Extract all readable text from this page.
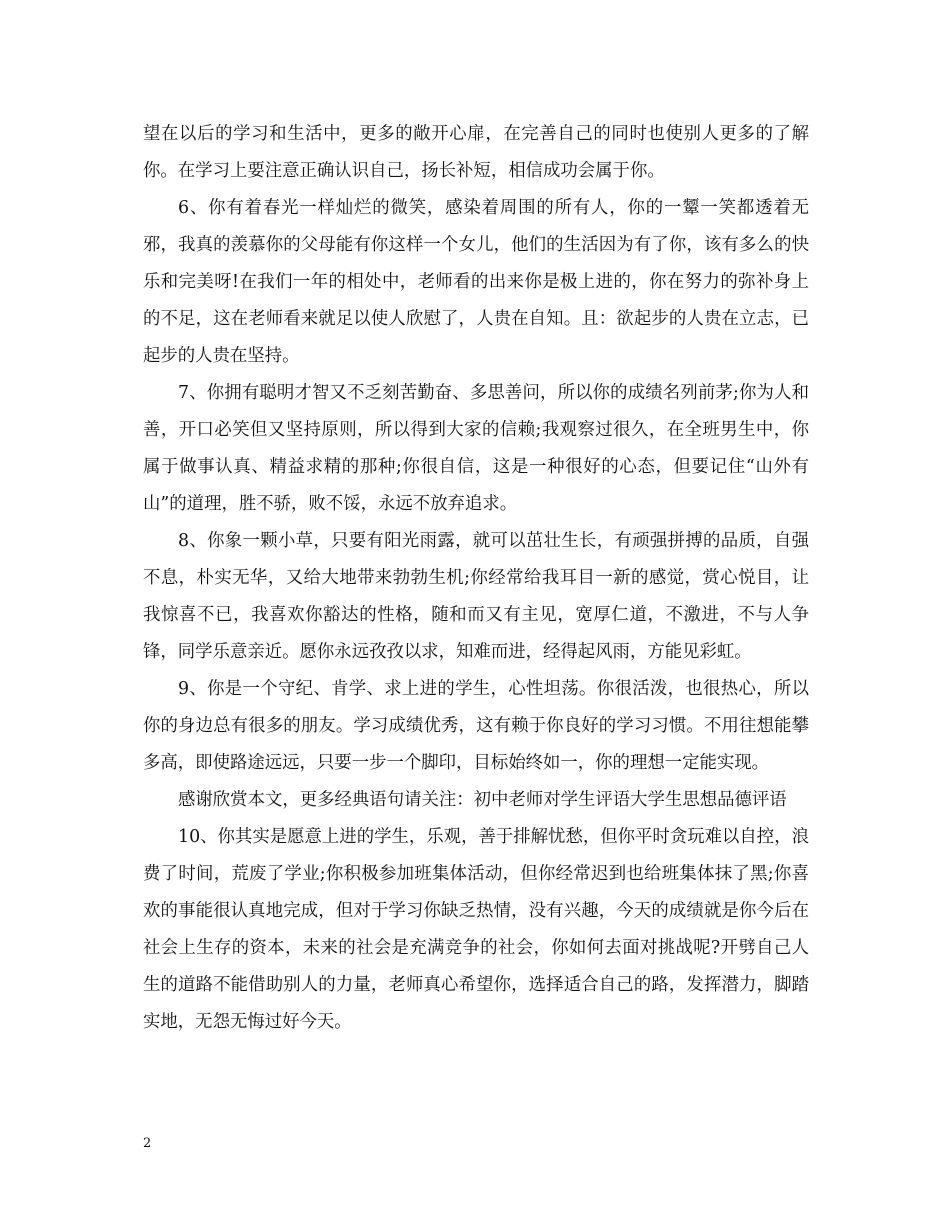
望在以后的学习和生活中，更多的敞开心扉，在完善自己的同时也使别人更多的了解你。在学习上要注意正确认识自己，扬长补短，相信成功会属于你。

6、你有着春光一样灿烂的微笑，感染着周围的所有人，你的一颦一笑都透着无邪，我真的羡慕你的父母能有你这样一个女儿，他们的生活因为有了你，该有多么的快乐和完美呀!在我们一年的相处中，老师看的出来你是极上进的，你在努力的弥补身上的不足，这在老师看来就足以使人欣慰了，人贵在自知。且：欲起步的人贵在立志，已起步的人贵在坚持。

7、你拥有聪明才智又不乏刻苦勤奋、多思善问，所以你的成绩名列前茅;你为人和善，开口必笑但又坚持原则，所以得到大家的信赖;我观察过很久，在全班男生中，你属于做事认真、精益求精的那种;你很自信，这是一种很好的心态，但要记住“山外有山”的道理，胜不骄，败不馁，永远不放弃追求。

8、你象一颗小草，只要有阳光雨露，就可以茁壮生长，有顽强拼搏的品质，自强不息，朴实无华，又给大地带来勃勃生机;你经常给我耳目一新的感觉，赏心悦目，让我惊喜不已，我喜欢你豁达的性格，随和而又有主见，宽厚仁道，不激进，不与人争锋，同学乐意亲近。愿你永远孜孜以求，知难而进，经得起风雨，方能见彩虹。

9、你是一个守纪、肯学、求上进的学生，心性坦荡。你很活泼，也很热心，所以你的身边总有很多的朋友。学习成绩优秀，这有赖于你良好的学习习惯。不用往想能攀多高，即使路途远远，只要一步一个脚印，目标始终如一，你的理想一定能实现。

感谢欣赏本文，更多经典语句请关注：初中老师对学生评语大学生思想品德评语

10、你其实是愿意上进的学生，乐观，善于排解忧愁，但你平时贪玩难以自控，浪费了时间，荒废了学业;你积极参加班集体活动，但你经常迟到也给班集体抹了黑;你喜欢的事能很认真地完成，但对于学习你缺乏热情，没有兴趣，今天的成绩就是你今后在社会上生存的资本，未来的社会是充满竞争的社会，你如何去面对挑战呢?开劈自己人生的道路不能借助别人的力量，老师真心希望你，选择适合自己的路，发挥潜力，脚踏实地，无怨无悔过好今天。

2
